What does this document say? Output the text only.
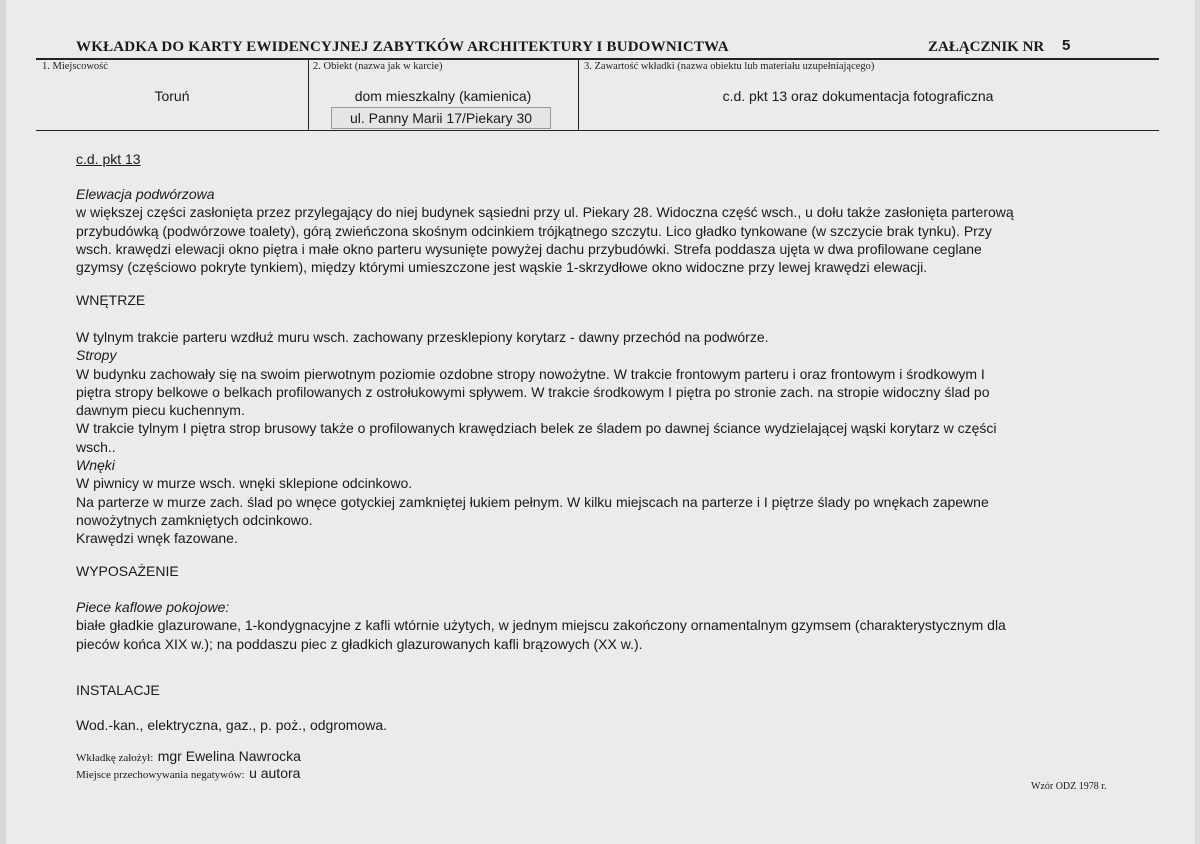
WKŁADKA DO KARTY EWIDENCYJNEJ ZABYTKÓW ARCHITEKTURY I BUDOWNICTWA	ZAŁĄCZNIK NR 5
1. Miejscowość
Toruń
2. Obiekt (nazwa jak w karcie)
dom mieszkalny (kamienica)
ul. Panny Marii 17/Piekary 30
3. Zawartość wkładki (nazwa obiektu lub materiału uzupełniającego)
c.d. pkt 13 oraz dokumentacja fotograficzna
c.d. pkt 13
Elewacja podwórzowa
w większej części zasłonięta przez przylegający do niej budynek sąsiedni przy ul. Piekary 28. Widoczna część wsch., u dołu także zasłonięta parterową
przybudówką (podwórzowe toalety), górą zwieńczona skośnym odcinkiem trójkątnego szczytu. Lico gładko tynkowane (w szczycie brak tynku). Przy
wsch. krawędzi elewacji okno piętra i małe okno parteru wysunięte powyżej dachu przybudówki. Strefa poddasza ujęta w dwa profilowane ceglane
gzymsy (częściowo pokryte tynkiem), między którymi umieszczone jest wąskie 1-skrzydłowe okno widoczne przy lewej krawędzi elewacji.
WNĘTRZE
W tylnym trakcie parteru wzdłuż muru wsch. zachowany przesklepiony korytarz - dawny przechód na podwórze.
Stropy
W budynku zachowały się na swoim pierwotnym poziomie ozdobne stropy nowożytne. W trakcie frontowym parteru i oraz frontowym i środkowym I
piętra stropy belkowe o belkach profilowanych z ostrołukowymi spływem. W trakcie środkowym I piętra po stronie zach. na stropie widoczny ślad po
dawnym piecu kuchennym.
W trakcie tylnym I piętra strop brusowy także o profilowanych krawędziach belek ze śladem po dawnej ściance wydzielającej wąski korytarz w części
wsch..
Wnęki
W piwnicy w murze wsch. wnęki sklepione odcinkowo.
Na parterze w murze zach. ślad po wnęce gotyckiej zamkniętej łukiem pełnym. W kilku miejscach na parterze i I piętrze ślady po wnękach zapewne
nowożytnych zamkniętych odcinkowo.
Krawędzi wnęk fazowane.
WYPOSAŻENIE
Piece kaflowe pokojowe:
białe gładkie glazurowane, 1-kondygnacyjne z kafli wtórnie użytych, w jednym miejscu zakończony ornamentalnym gzymsem (charakterystycznym dla
pieców końca XIX w.); na poddaszu piec z gładkich glazurowanych kafli brązowych (XX w.).
INSTALACJE
Wod.-kan., elektryczna, gaz., p. poż., odgromowa.
Wkładkę założył: mgr Ewelina Nawrocka
Miejsce przechowywania negatywów: u autora
Wzór ODZ 1978 r.
